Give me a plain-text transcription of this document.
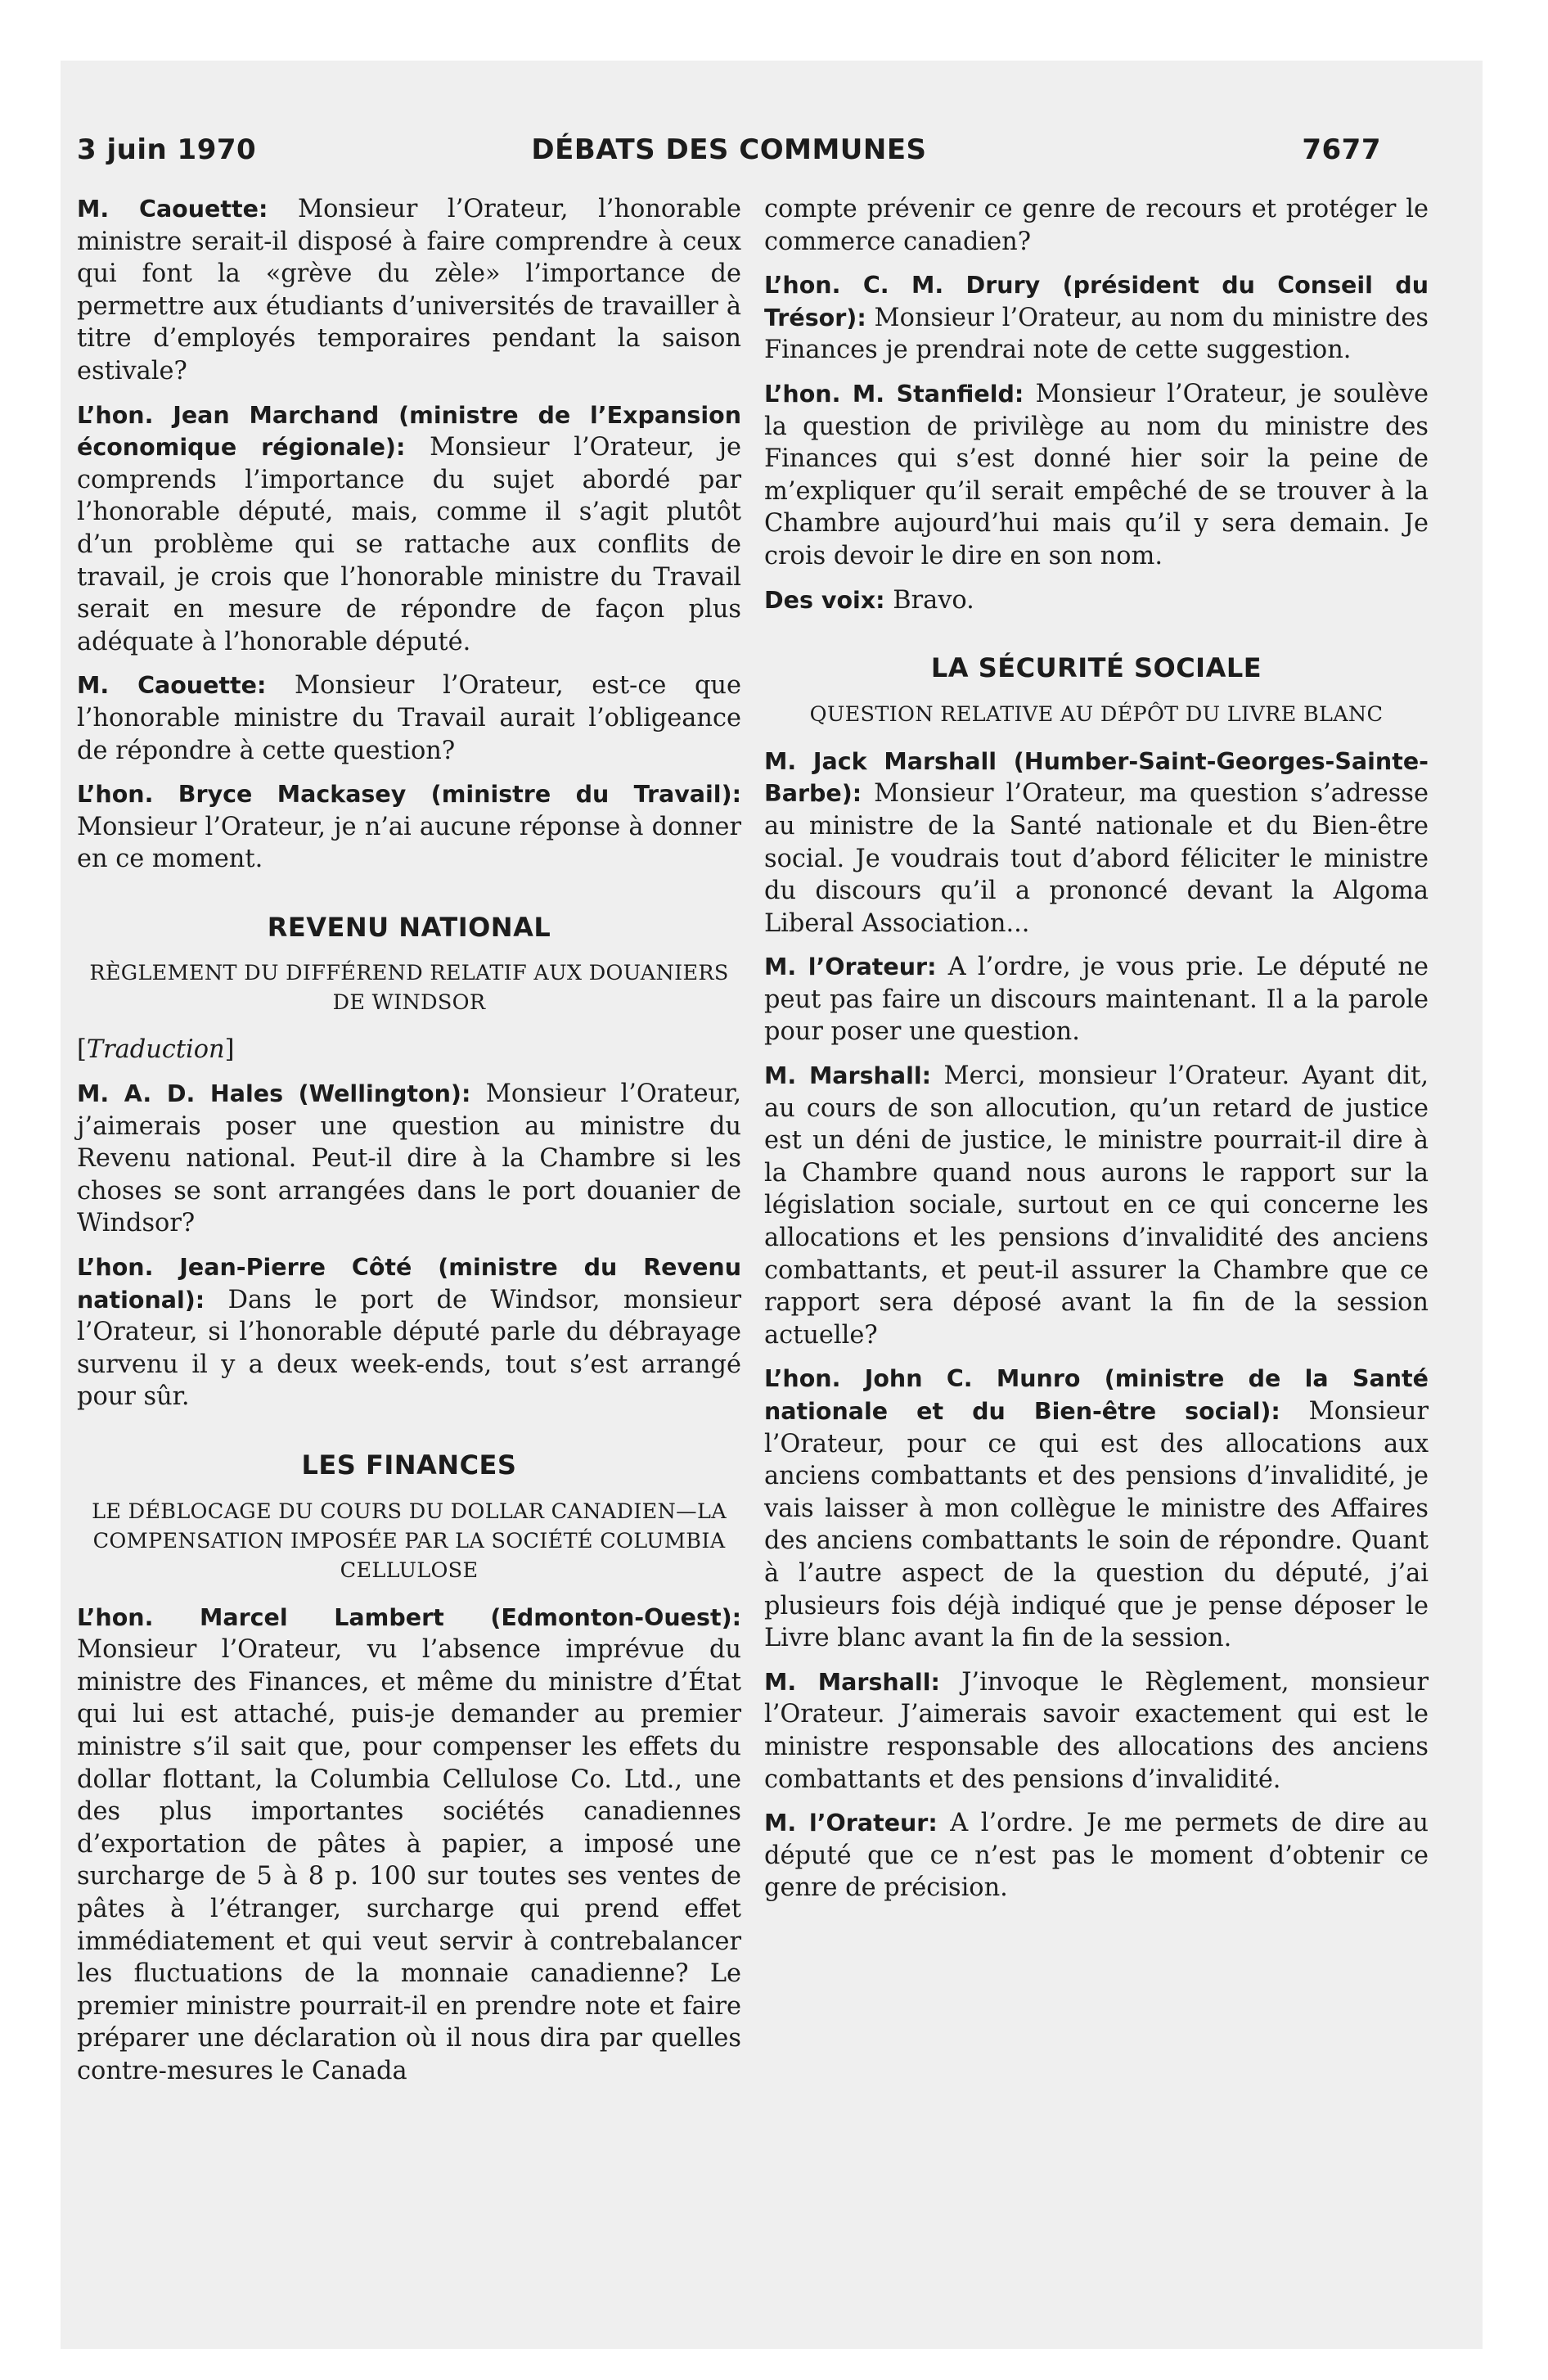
3 juin 1970	DÉBATS DES COMMUNES	7677

M. Caouette: Monsieur l’Orateur, l’honorable ministre serait-il disposé à faire comprendre à ceux qui font la «grève du zèle» l’importance de permettre aux étudiants d’universités de travailler à titre d’employés temporaires pendant la saison estivale?

L’hon. Jean Marchand (ministre de l’Expansion économique régionale): Monsieur l’Orateur, je comprends l’importance du sujet abordé par l’honorable député, mais, comme il s’agit plutôt d’un problème qui se rattache aux conflits de travail, je crois que l’honorable ministre du Travail serait en mesure de répondre de façon plus adéquate à l’honorable député.

M. Caouette: Monsieur l’Orateur, est-ce que l’honorable ministre du Travail aurait l’obligeance de répondre à cette question?

L’hon. Bryce Mackasey (ministre du Travail): Monsieur l’Orateur, je n’ai aucune réponse à donner en ce moment.

REVENU NATIONAL
RÈGLEMENT DU DIFFÉREND RELATIF AUX DOUANIERS DE WINDSOR
[Traduction]

M. A. D. Hales (Wellington): Monsieur l’Orateur, j’aimerais poser une question au ministre du Revenu national. Peut-il dire à la Chambre si les choses se sont arrangées dans le port douanier de Windsor?

L’hon. Jean-Pierre Côté (ministre du Revenu national): Dans le port de Windsor, monsieur l’Orateur, si l’honorable député parle du débrayage survenu il y a deux week-ends, tout s’est arrangé pour sûr.

LES FINANCES
LE DÉBLOCAGE DU COURS DU DOLLAR CANADIEN—LA COMPENSATION IMPOSÉE PAR LA SOCIÉTÉ COLUMBIA CELLULOSE

L’hon. Marcel Lambert (Edmonton-Ouest): Monsieur l’Orateur, vu l’absence imprévue du ministre des Finances, et même du ministre d’État qui lui est attaché, puis-je demander au premier ministre s’il sait que, pour compenser les effets du dollar flottant, la Columbia Cellulose Co. Ltd., une des plus importantes sociétés canadiennes d’exportation de pâtes à papier, a imposé une surcharge de 5 à 8 p. 100 sur toutes ses ventes de pâtes à l’étranger, surcharge qui prend effet immédiatement et qui veut servir à contrebalancer les fluctuations de la monnaie canadienne? Le premier ministre pourrait-il en prendre note et faire préparer une déclaration où il nous dira par quelles contre-mesures le Canada

compte prévenir ce genre de recours et protéger le commerce canadien?

L’hon. C. M. Drury (président du Conseil du Trésor): Monsieur l’Orateur, au nom du ministre des Finances je prendrai note de cette suggestion.

L’hon. M. Stanfield: Monsieur l’Orateur, je soulève la question de privilège au nom du ministre des Finances qui s’est donné hier soir la peine de m’expliquer qu’il serait empêché de se trouver à la Chambre aujourd’hui mais qu’il y sera demain. Je crois devoir le dire en son nom.

Des voix: Bravo.

LA SÉCURITÉ SOCIALE
QUESTION RELATIVE AU DÉPÔT DU LIVRE BLANC

M. Jack Marshall (Humber-Saint-Georges-Sainte-Barbe): Monsieur l’Orateur, ma question s’adresse au ministre de la Santé nationale et du Bien-être social. Je voudrais tout d’abord féliciter le ministre du discours qu’il a prononcé devant la Algoma Liberal Association...

M. l’Orateur: A l’ordre, je vous prie. Le député ne peut pas faire un discours maintenant. Il a la parole pour poser une question.

M. Marshall: Merci, monsieur l’Orateur. Ayant dit, au cours de son allocution, qu’un retard de justice est un déni de justice, le ministre pourrait-il dire à la Chambre quand nous aurons le rapport sur la législation sociale, surtout en ce qui concerne les allocations et les pensions d’invalidité des anciens combattants, et peut-il assurer la Chambre que ce rapport sera déposé avant la fin de la session actuelle?

L’hon. John C. Munro (ministre de la Santé nationale et du Bien-être social): Monsieur l’Orateur, pour ce qui est des allocations aux anciens combattants et des pensions d’invalidité, je vais laisser à mon collègue le ministre des Affaires des anciens combattants le soin de répondre. Quant à l’autre aspect de la question du député, j’ai plusieurs fois déjà indiqué que je pense déposer le Livre blanc avant la fin de la session.

M. Marshall: J’invoque le Règlement, monsieur l’Orateur. J’aimerais savoir exactement qui est le ministre responsable des allocations des anciens combattants et des pensions d’invalidité.

M. l’Orateur: A l’ordre. Je me permets de dire au député que ce n’est pas le moment d’obtenir ce genre de précision.
